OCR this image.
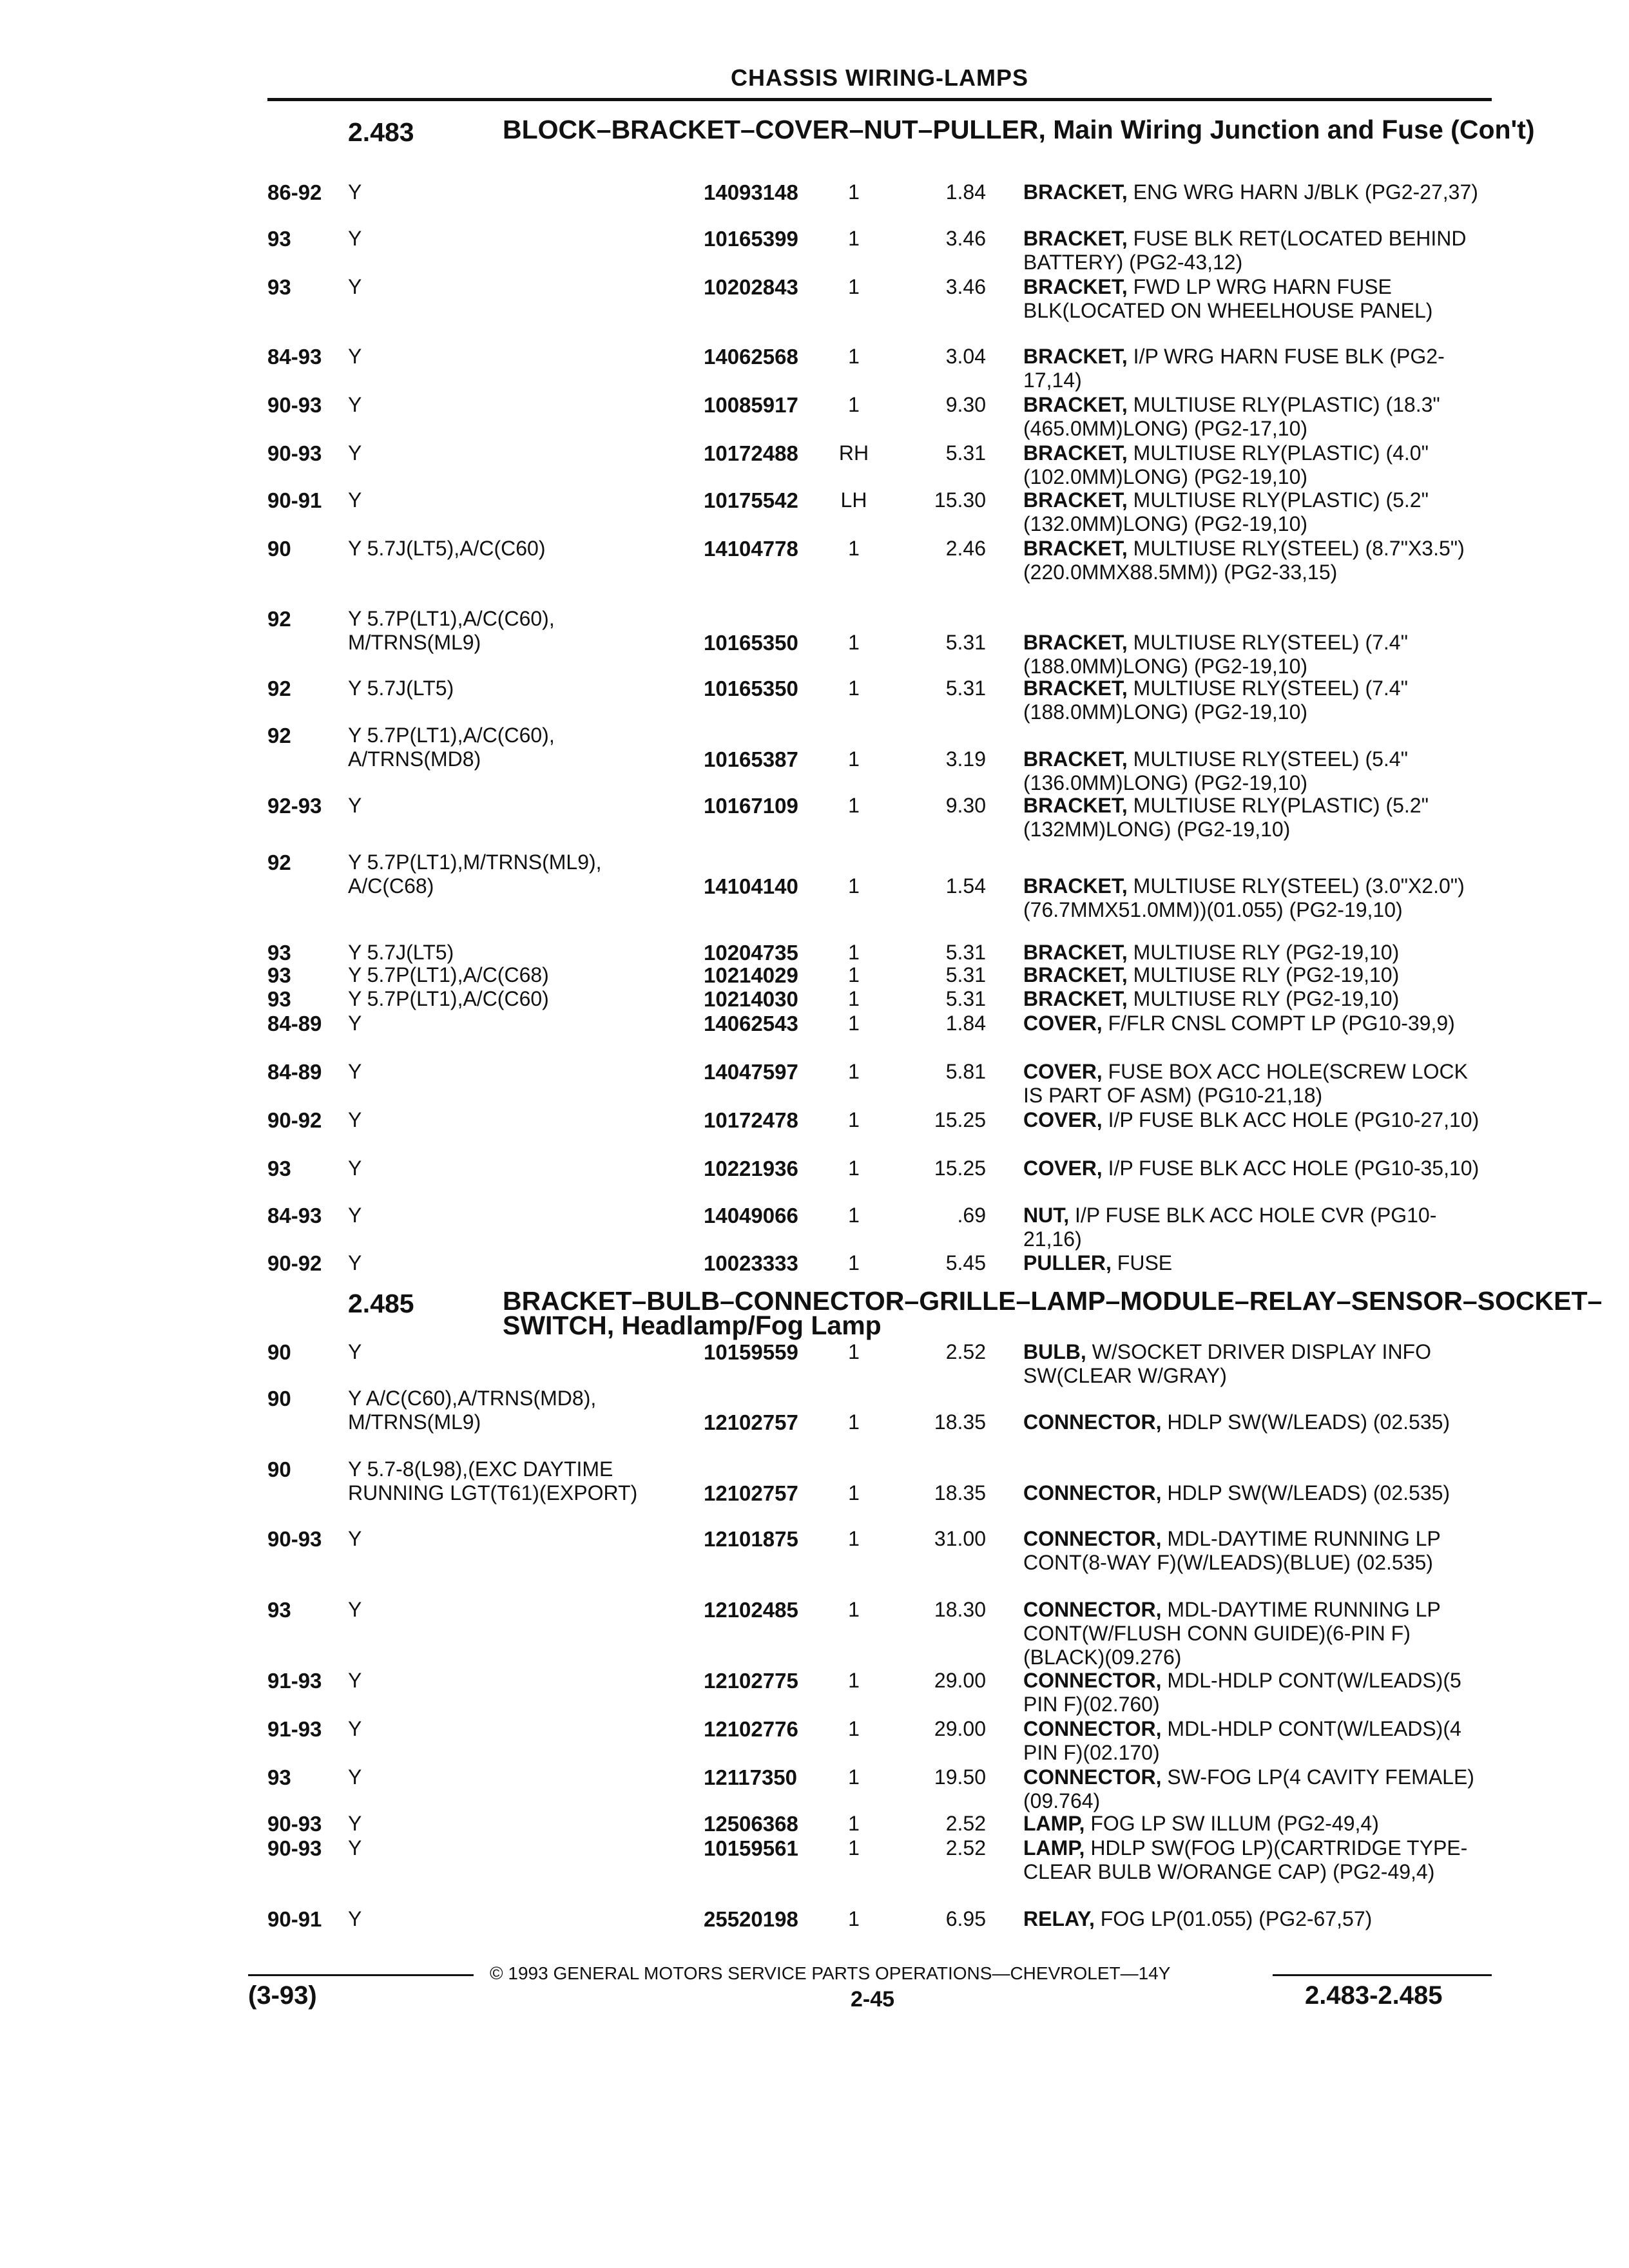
CHASSIS WIRING-LAMPS
2.483	BLOCK–BRACKET–COVER–NUT–PULLER, Main Wiring Junction and Fuse (Con't)
86-92 Y	14093148	1	1.84 BRACKET, ENG WRG HARN J/BLK (PG2-27,37)
93	Y	10165399	1	3.46 BRACKET, FUSE BLK RET(LOCATED BEHIND BATTERY) (PG2-43,12)
93	Y	10202843	1	3.46 BRACKET, FWD LP WRG HARN FUSE BLK(LOCATED ON WHEELHOUSE PANEL)
84-93 Y	14062568	1	3.04 BRACKET, I/P WRG HARN FUSE BLK (PG2-17,14)
90-93 Y	10085917	1	9.30 BRACKET, MULTIUSE RLY(PLASTIC) (18.3"(465.0MM)LONG) (PG2-17,10)
90-93 Y	10172488	RH	5.31 BRACKET, MULTIUSE RLY(PLASTIC) (4.0"(102.0MM)LONG) (PG2-19,10)
90-91 Y	10175542	LH	15.30 BRACKET, MULTIUSE RLY(PLASTIC) (5.2"(132.0MM)LONG) (PG2-19,10)
90	Y 5.7J(LT5),A/C(C60)	14104778	1	2.46 BRACKET, MULTIUSE RLY(STEEL) (8.7"X3.5")(220.0MMX88.5MM)) (PG2-33,15)
92	Y 5.7P(LT1),A/C(C60), M/TRNS(ML9)	10165350	1	5.31 BRACKET, MULTIUSE RLY(STEEL) (7.4"(188.0MM)LONG) (PG2-19,10)
92	Y 5.7J(LT5)	10165350	1	5.31 BRACKET, MULTIUSE RLY(STEEL) (7.4"(188.0MM)LONG) (PG2-19,10)
92	Y 5.7P(LT1),A/C(C60), A/TRNS(MD8)	10165387	1	3.19 BRACKET, MULTIUSE RLY(STEEL) (5.4"(136.0MM)LONG) (PG2-19,10)
92-93 Y	10167109	1	9.30 BRACKET, MULTIUSE RLY(PLASTIC) (5.2"(132MM)LONG) (PG2-19,10)
92	Y 5.7P(LT1),M/TRNS(ML9), A/C(C68)	14104140	1	1.54 BRACKET, MULTIUSE RLY(STEEL) (3.0"X2.0")(76.7MMX51.0MM))(01.055) (PG2-19,10)
93	Y 5.7J(LT5)	10204735	1	5.31 BRACKET, MULTIUSE RLY (PG2-19,10)
93	Y 5.7P(LT1),A/C(C68)	10214029	1	5.31 BRACKET, MULTIUSE RLY (PG2-19,10)
93	Y 5.7P(LT1),A/C(C60)	10214030	1	5.31 BRACKET, MULTIUSE RLY (PG2-19,10)
84-89 Y	14062543	1	1.84 COVER, F/FLR CNSL COMPT LP (PG10-39,9)
84-89 Y	14047597	1	5.81 COVER, FUSE BOX ACC HOLE(SCREW LOCK IS PART OF ASM) (PG10-21,18)
90-92 Y	10172478	1	15.25 COVER, I/P FUSE BLK ACC HOLE (PG10-27,10)
93	Y	10221936	1	15.25 COVER, I/P FUSE BLK ACC HOLE (PG10-35,10)
84-93 Y	14049066	1	.69 NUT, I/P FUSE BLK ACC HOLE CVR (PG10-21,16)
90-92 Y	10023333	1	5.45 PULLER, FUSE
2.485	BRACKET–BULB–CONNECTOR–GRILLE–LAMP–MODULE–RELAY–SENSOR–SOCKET–SWITCH, Headlamp/Fog Lamp
90	Y	10159559	1	2.52 BULB, W/SOCKET DRIVER DISPLAY INFO SW(CLEAR W/GRAY)
90	Y A/C(C60),A/TRNS(MD8), M/TRNS(ML9)	12102757	1	18.35 CONNECTOR, HDLP SW(W/LEADS) (02.535)
90	Y 5.7-8(L98),(EXC DAYTIME RUNNING LGT(T61)(EXPORT)	12102757	1	18.35 CONNECTOR, HDLP SW(W/LEADS) (02.535)
90-93 Y	12101875	1	31.00 CONNECTOR, MDL-DAYTIME RUNNING LP CONT(8-WAY F)(W/LEADS)(BLUE) (02.535)
93	Y	12102485	1	18.30 CONNECTOR, MDL-DAYTIME RUNNING LP CONT(W/FLUSH CONN GUIDE)(6-PIN F)(BLACK)(09.276)
91-93 Y	12102775	1	29.00 CONNECTOR, MDL-HDLP CONT(W/LEADS)(5 PIN F)(02.760)
91-93 Y	12102776	1	29.00 CONNECTOR, MDL-HDLP CONT(W/LEADS)(4 PIN F)(02.170)
93	Y	12117350	1	19.50 CONNECTOR, SW-FOG LP(4 CAVITY FEMALE)(09.764)
90-93 Y	12506368	1	2.52 LAMP, FOG LP SW ILLUM (PG2-49,4)
90-93 Y	10159561	1	2.52 LAMP, HDLP SW(FOG LP)(CARTRIDGE TYPE-CLEAR BULB W/ORANGE CAP) (PG2-49,4)
90-91 Y	25520198	1	6.95 RELAY, FOG LP(01.055) (PG2-67,57)
© 1993 GENERAL MOTORS SERVICE PARTS OPERATIONS—CHEVROLET—14Y
(3-93)	2-45	2.483-2.485
